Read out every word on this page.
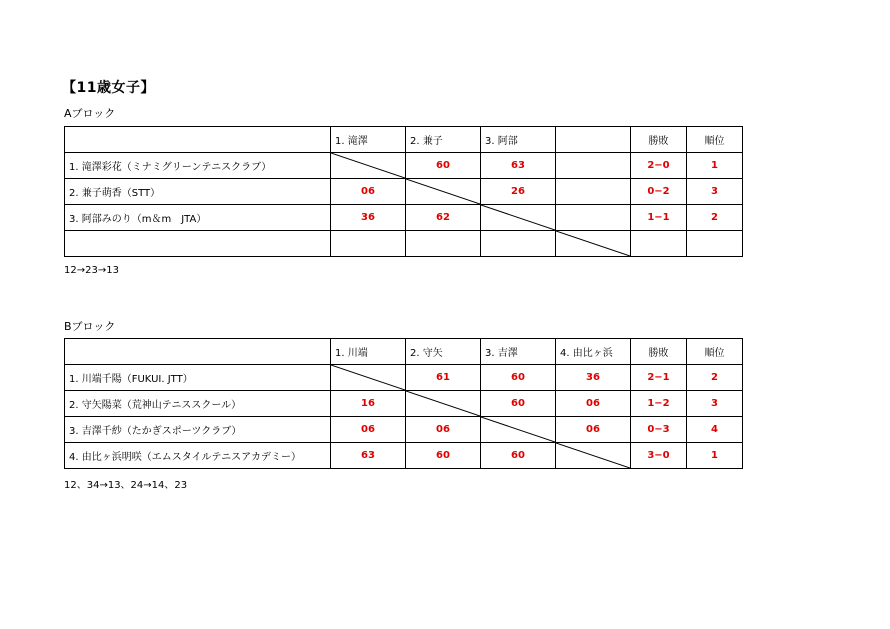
【11歳女子】
Aブロック
	1. 滝澤	2. 兼子	3. 阿部		勝敗	順位
1. 滝澤彩花（ミナミグリーンテニスクラブ）		60	63		2−0	1
2. 兼子萌香（STT）	06		26		0−2	3
3. 阿部みのり（m＆m　JTA）	36	62			1−1	2

12→23→13
Bブロック
	1. 川端	2. 守矢	3. 吉澤	4. 由比ヶ浜	勝敗	順位
1. 川端千陽（FUKUI. JTT）		61	60	36	2−1	2
2. 守矢陽菜（荒神山テニススクール）	16		60	06	1−2	3
3. 吉澤千紗（たかぎスポーツクラブ）	06	06		06	0−3	4
4. 由比ヶ浜明咲（エムスタイルテニスアカデミー）	63	60	60		3−0	1
12、34→13、24→14、23
